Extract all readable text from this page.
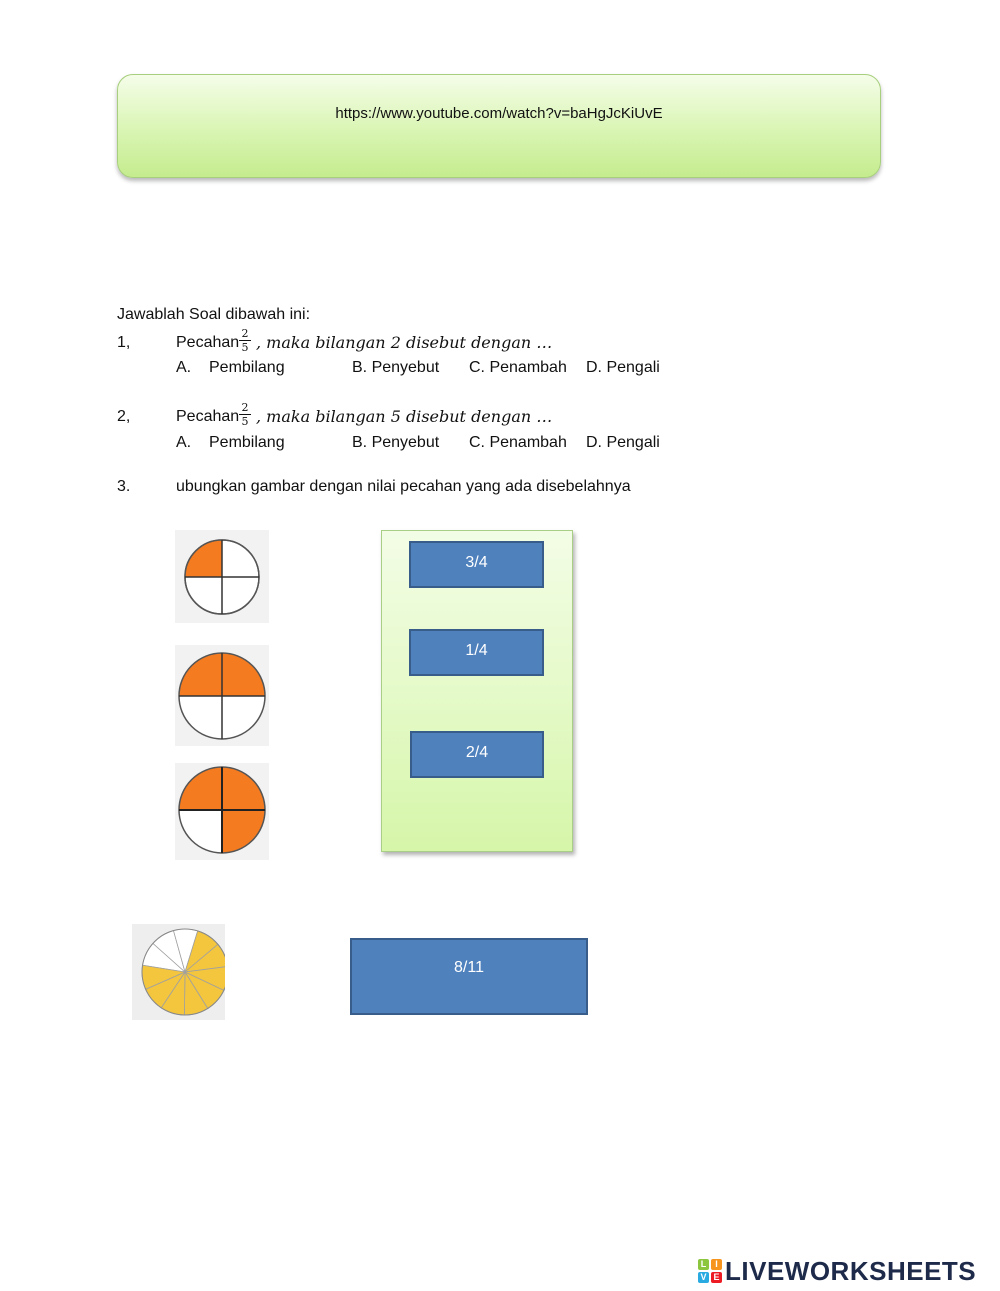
https://www.youtube.com/watch?v=baHgJcKiUvE
Jawablah Soal dibawah ini:
1,	Pecahan $\frac{2}{5}$ , maka bilangan 2 disebut dengan …
A. Pembilang	B. Penyebut C. Penambah D. Pengali
2,	Pecahan $\frac{2}{5}$ , maka bilangan 5 disebut dengan …
A. Pembilang	B. Penyebut C. Penambah D. Pengali
3.	ubungkan gambar dengan nilai pecahan yang ada disebelahnya
3/4
1/4
2/4
8/11
L I
V E LIVEWORKSHEETS
